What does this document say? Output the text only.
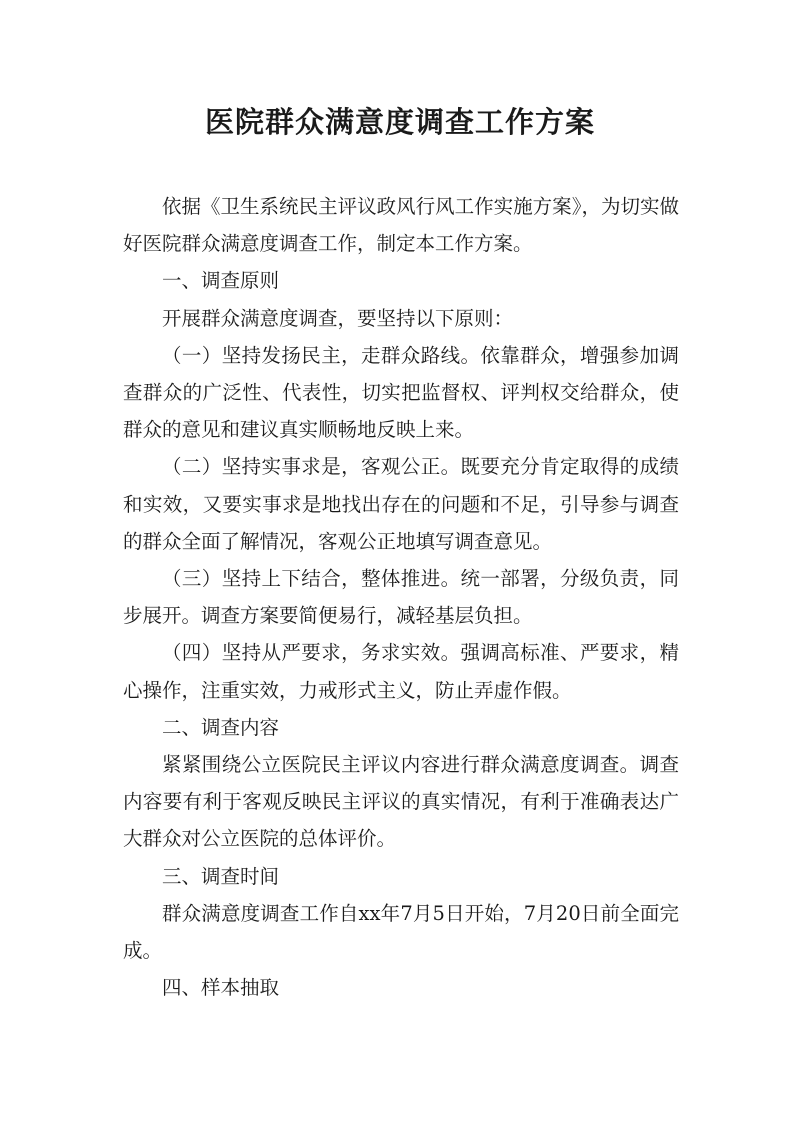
医院群众满意度调查工作方案

依据《卫生系统民主评议政风行风工作实施方案》，为切实做好医院群众满意度调查工作，制定本工作方案。

一、调查原则

开展群众满意度调查，要坚持以下原则：

（一）坚持发扬民主，走群众路线。依靠群众，增强参加调查群众的广泛性、代表性，切实把监督权、评判权交给群众，使群众的意见和建议真实顺畅地反映上来。

（二）坚持实事求是，客观公正。既要充分肯定取得的成绩和实效，又要实事求是地找出存在的问题和不足，引导参与调查的群众全面了解情况，客观公正地填写调查意见。

（三）坚持上下结合，整体推进。统一部署，分级负责，同步展开。调查方案要简便易行，减轻基层负担。

（四）坚持从严要求，务求实效。强调高标准、严要求，精心操作，注重实效，力戒形式主义，防止弄虚作假。

二、调查内容

紧紧围绕公立医院民主评议内容进行群众满意度调查。调查内容要有利于客观反映民主评议的真实情况，有利于准确表达广大群众对公立医院的总体评价。

三、调查时间

群众满意度调查工作自xx年7月5日开始，7月20日前全面完成。

四、样本抽取
